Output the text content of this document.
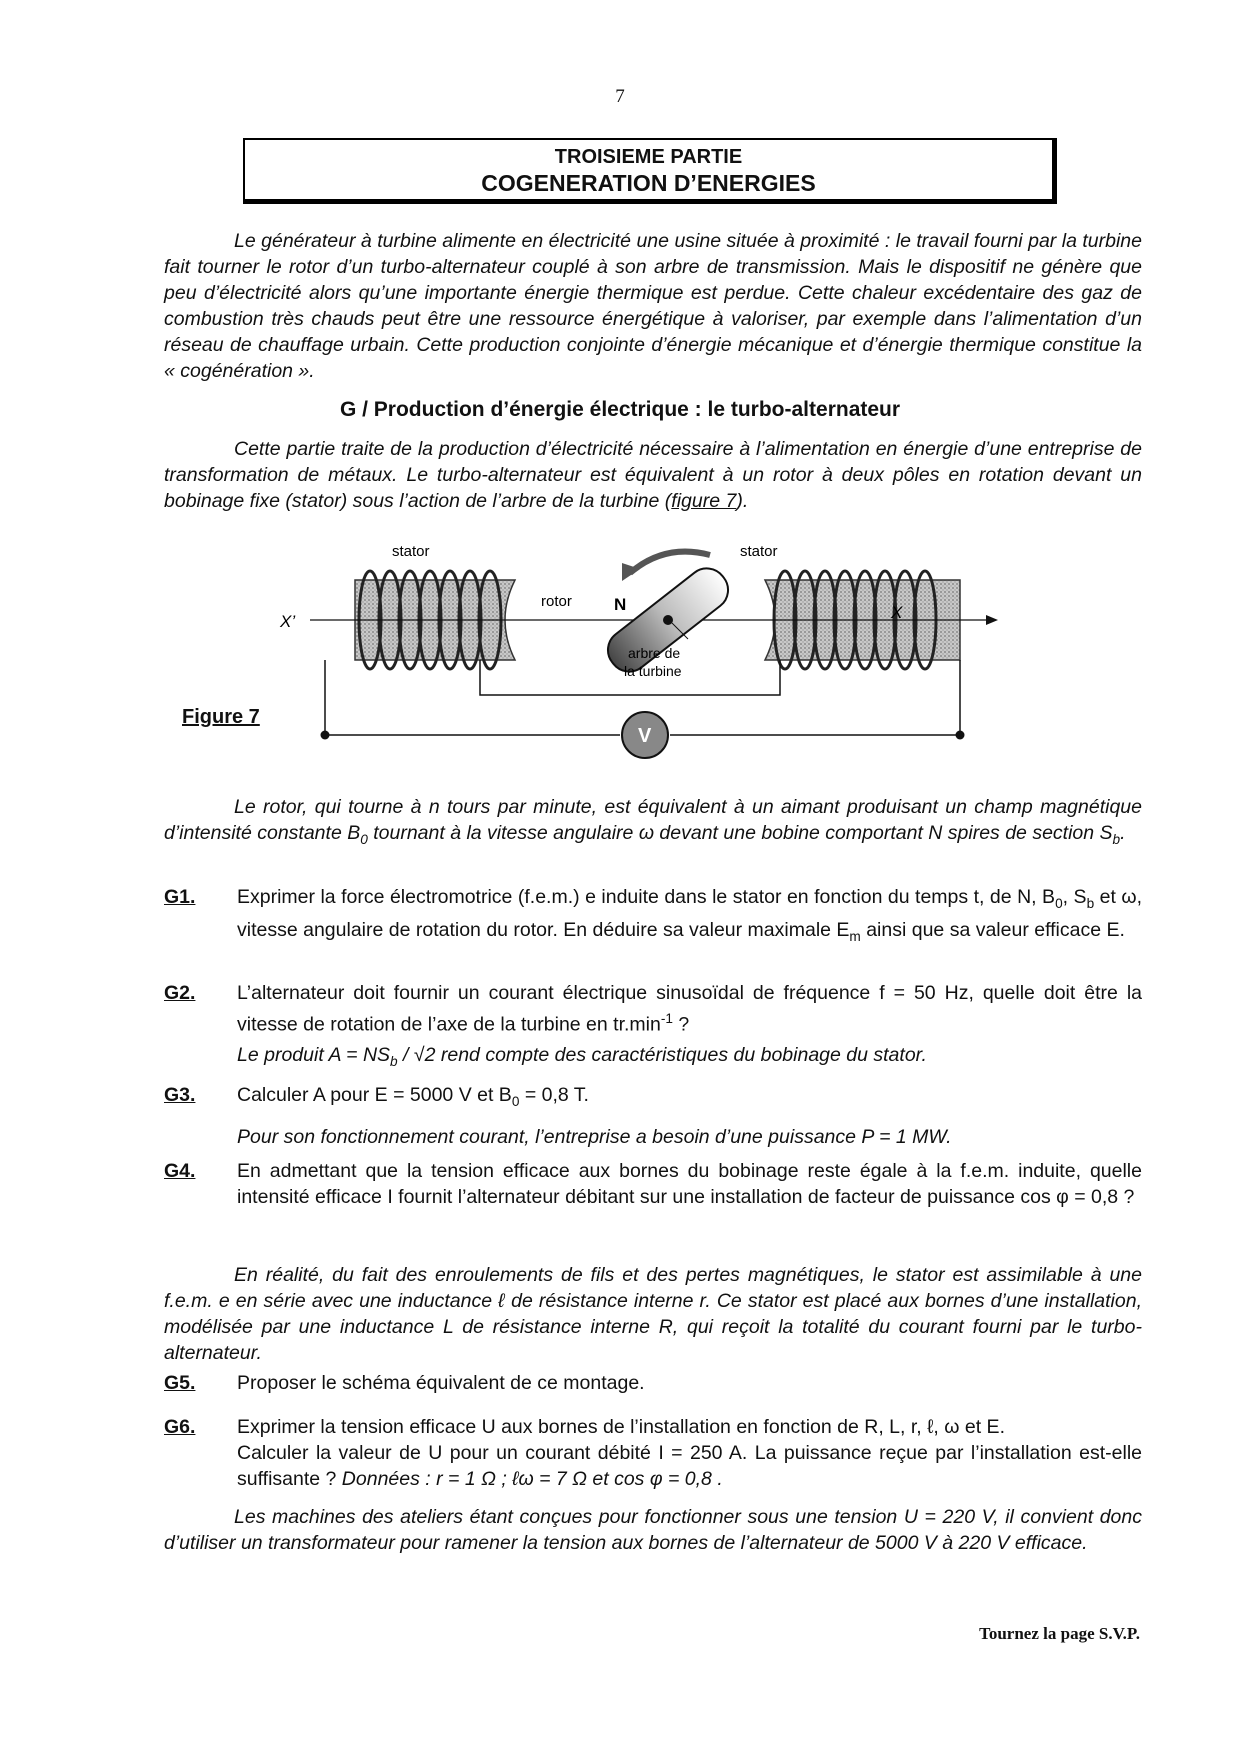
7
TROISIEME PARTIE
COGENERATION D’ENERGIES
Le générateur à turbine alimente en électricité une usine située à proximité : le travail fourni par la turbine fait tourner le rotor d’un turbo-alternateur couplé à son arbre de transmission. Mais le dispositif ne génère que peu d’électricité alors qu’une importante énergie thermique est perdue. Cette chaleur excédentaire des gaz de combustion très chauds peut être une ressource énergétique à valoriser, par exemple dans l’alimentation d’un réseau de chauffage urbain. Cette production conjointe d’énergie mécanique et d’énergie thermique constitue la « cogénération ».
G / Production d’énergie électrique : le turbo-alternateur
Cette partie traite de la production d’électricité nécessaire à l’alimentation en énergie d’une entreprise de transformation de métaux. Le turbo-alternateur est équivalent à un rotor à deux pôles en rotation devant un bobinage fixe (stator) sous l’action de l’arbre de la turbine (figure 7).
Figure 7
stator	stator
rotor N
S	arbre de
la turbine
X’	X
V
Le rotor, qui tourne à n tours par minute, est équivalent à un aimant produisant un champ magnétique d’intensité constante $B_0$ tournant à la vitesse angulaire ω devant une bobine comportant N spires de section $S_b$.
G1. Exprimer la force électromotrice (f.e.m.) e induite dans le stator en fonction du temps t, de N, $B_0$, $S_b$ et ω, vitesse angulaire de rotation du rotor. En déduire sa valeur maximale $E_m$ ainsi que sa valeur efficace E.
G2. L’alternateur doit fournir un courant électrique sinusoïdal de fréquence f = 50 Hz, quelle doit être la vitesse de rotation de l’axe de la turbine en $tr.\min^{-1}$ ?
Le produit $A = NS_b / √2$ rend compte des caractéristiques du bobinage du stator.
G3. Calculer A pour E = 5000 V et $B_0 = 0,8$ T.
Pour son fonctionnement courant, l’entreprise a besoin d’une puissance P = 1 MW.
G4. En admettant que la tension efficace aux bornes du bobinage reste égale à la f.e.m. induite, quelle intensité efficace I fournit l’alternateur débitant sur une installation de facteur de puissance cos φ = 0,8 ?
En réalité, du fait des enroulements de fils et des pertes magnétiques, le stator est assimilable à une f.e.m. e en série avec une inductance ℓ de résistance interne r. Ce stator est placé aux bornes d’une installation, modélisée par une inductance L de résistance interne R, qui reçoit la totalité du courant fourni par le turbo-alternateur.
G5. Proposer le schéma équivalent de ce montage.
G6. Exprimer la tension efficace U aux bornes de l’installation en fonction de R, L, r, ℓ, ω et E.
Calculer la valeur de U pour un courant débité I = 250 A. La puissance reçue par l’installation est-elle suffisante ? Données : r = 1 Ω ; ℓω = 7 Ω et cos φ = 0,8 .
Les machines des ateliers étant conçues pour fonctionner sous une tension U = 220 V, il convient donc d’utiliser un transformateur pour ramener la tension aux bornes de l’alternateur de 5000 V à 220 V efficace.
Tournez la page S.V.P.
